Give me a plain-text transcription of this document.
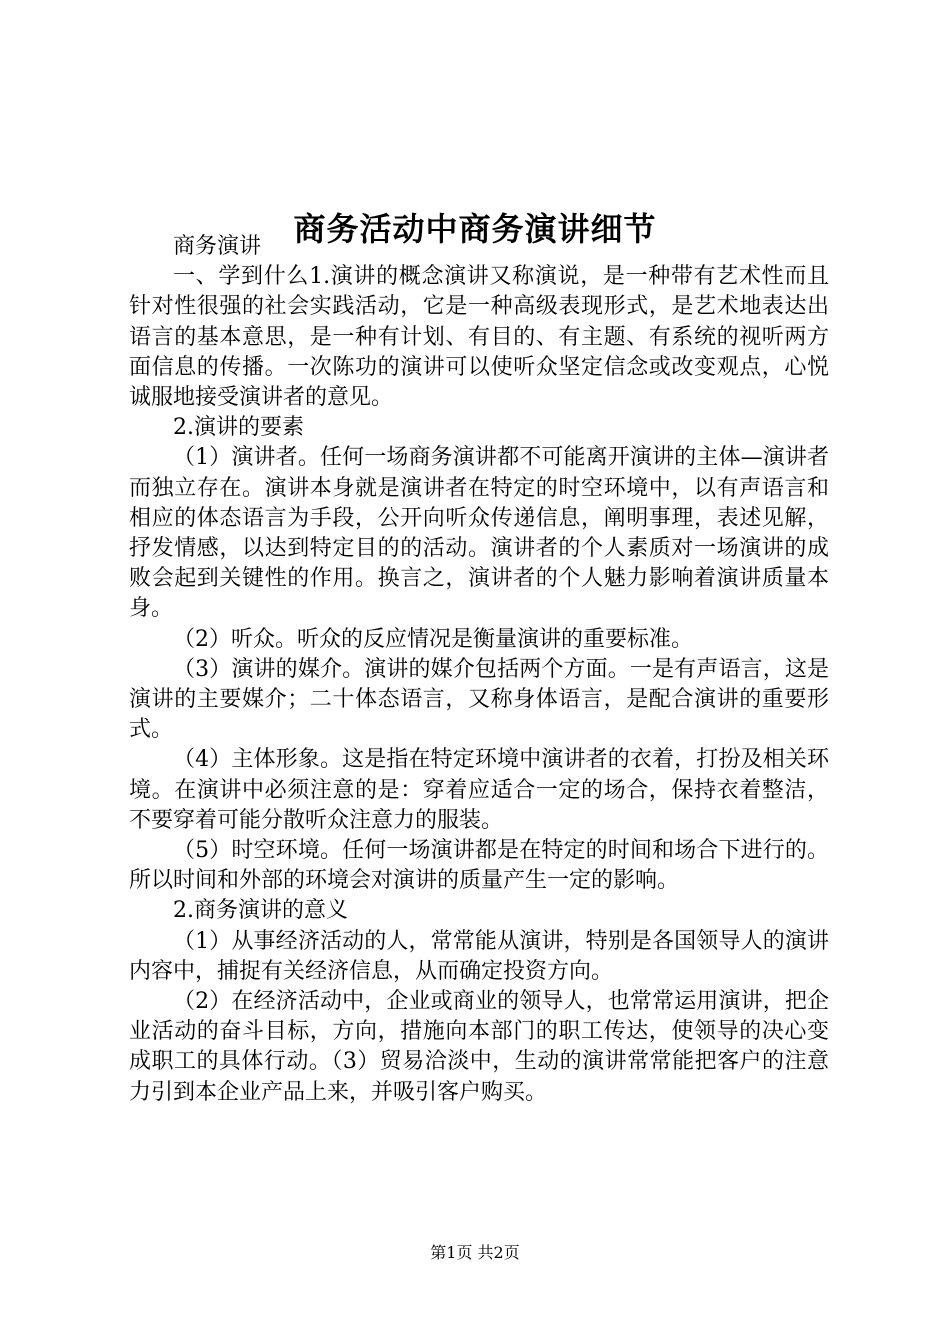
商务活动中商务演讲细节

商务演讲

一、学到什么1.演讲的概念演讲又称演说，是一种带有艺术性而且针对性很强的社会实践活动，它是一种高级表现形式，是艺术地表达出语言的基本意思，是一种有计划、有目的、有主题、有系统的视听两方面信息的传播。一次陈功的演讲可以使听众坚定信念或改变观点，心悦诚服地接受演讲者的意见。

2.演讲的要素

（1）演讲者。任何一场商务演讲都不可能离开演讲的主体—演讲者而独立存在。演讲本身就是演讲者在特定的时空环境中，以有声语言和相应的体态语言为手段，公开向听众传递信息，阐明事理，表述见解，抒发情感，以达到特定目的的活动。演讲者的个人素质对一场演讲的成败会起到关键性的作用。换言之，演讲者的个人魅力影响着演讲质量本身。

（2）听众。听众的反应情况是衡量演讲的重要标准。

（3）演讲的媒介。演讲的媒介包括两个方面。一是有声语言，这是演讲的主要媒介；二十体态语言，又称身体语言，是配合演讲的重要形式。

（4）主体形象。这是指在特定环境中演讲者的衣着，打扮及相关环境。在演讲中必须注意的是：穿着应适合一定的场合，保持衣着整洁，不要穿着可能分散听众注意力的服装。

（5）时空环境。任何一场演讲都是在特定的时间和场合下进行的。所以时间和外部的环境会对演讲的质量产生一定的影响。

2.商务演讲的意义

（1）从事经济活动的人，常常能从演讲，特别是各国领导人的演讲内容中，捕捉有关经济信息，从而确定投资方向。

（2）在经济活动中，企业或商业的领导人，也常常运用演讲，把企业活动的奋斗目标，方向，措施向本部门的职工传达，使领导的决心变成职工的具体行动。（3）贸易洽淡中，生动的演讲常常能把客户的注意力引到本企业产品上来，并吸引客户购买。

第1页 共2页
